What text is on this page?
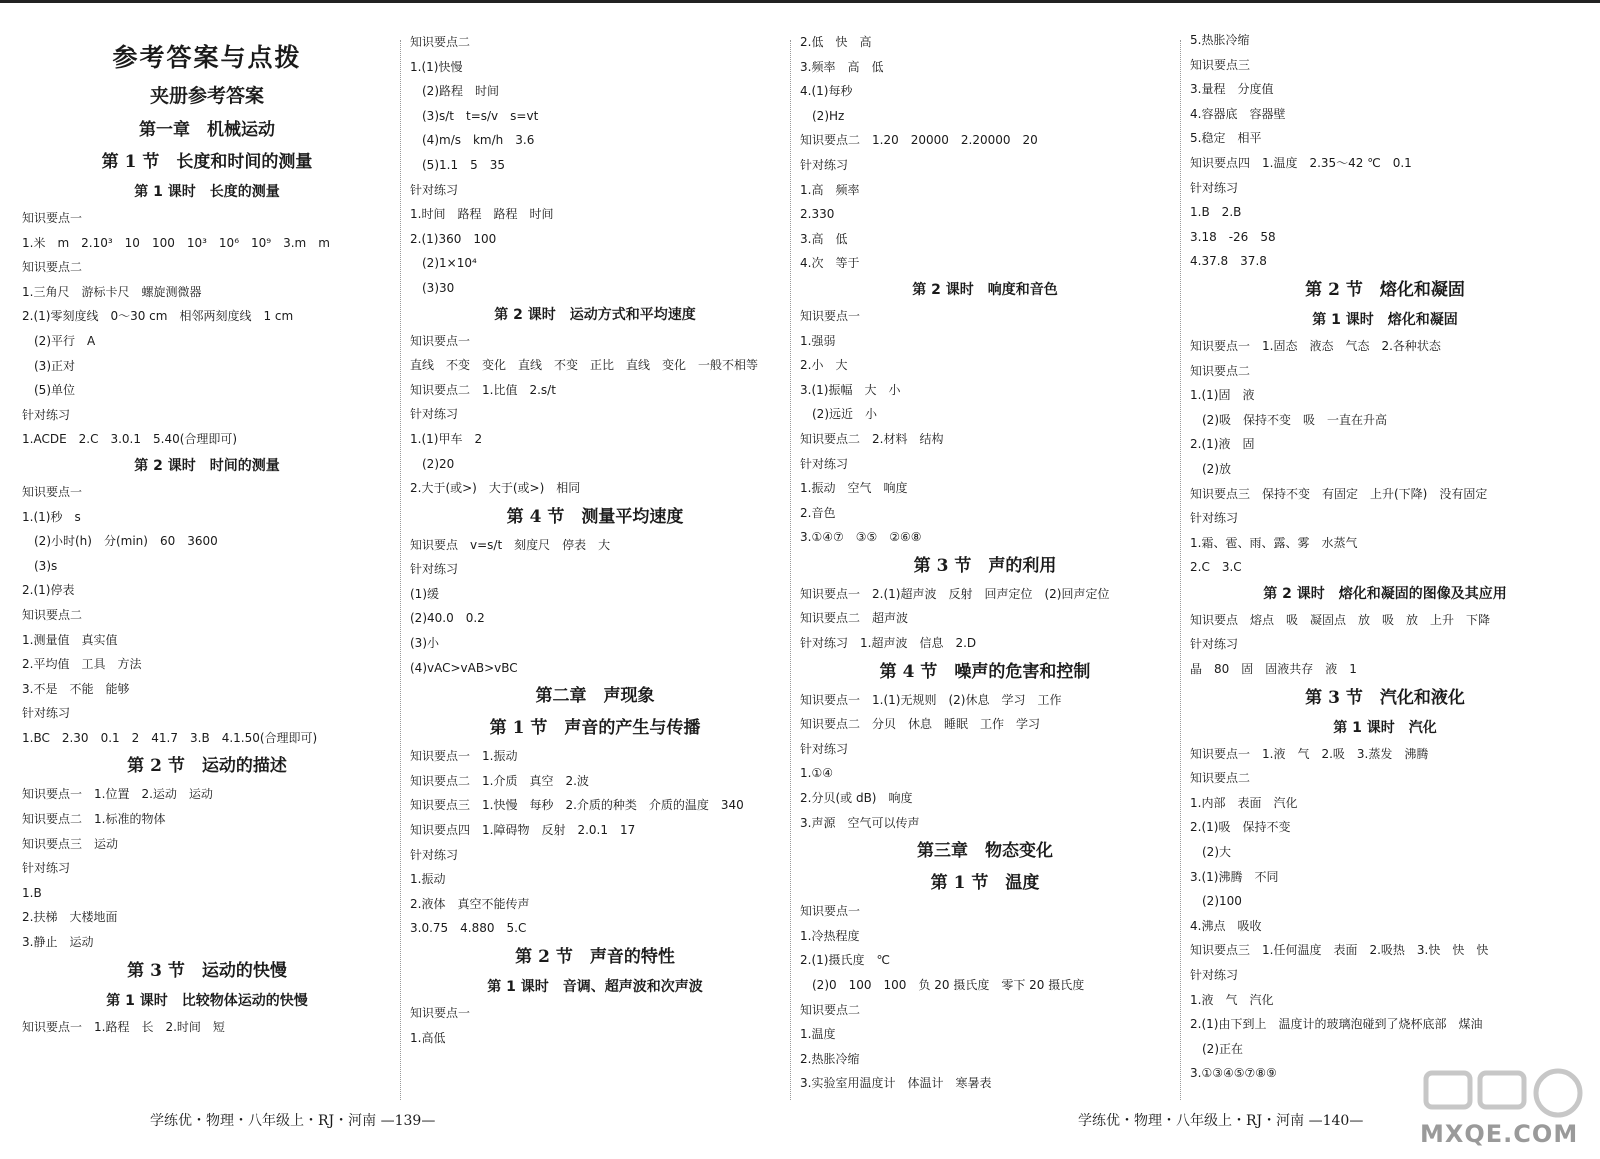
参考答案与点拨
夹册参考答案
第一章　机械运动
第 1 节　长度和时间的测量
第 1 课时　长度的测量
知识要点一
1.米　m　2.10³　10　100　10³　10⁶　10⁹　3.m　m
知识要点二
1.三角尺　游标卡尺　螺旋测微器
2.(1)零刻度线　0～30 cm　相邻两刻度线　1 cm
　(2)平行　A
　(3)正对
　(5)单位
针对练习
1.ACDE　2.C　3.0.1　5.40(合理即可)
第 2 课时　时间的测量
知识要点一
1.(1)秒　s
　(2)小时(h)　分(min)　60　3600
　(3)s
2.(1)停表
知识要点二
1.测量值　真实值
2.平均值　工具　方法
3.不是　不能　能够
针对练习
1.BC　2.30　0.1　2　41.7　3.B　4.1.50(合理即可)
第 2 节　运动的描述
知识要点一　1.位置　2.运动　运动
知识要点二　1.标准的物体
知识要点三　运动
针对练习
1.B
2.扶梯　大楼地面
3.静止　运动
第 3 节　运动的快慢
第 1 课时　比较物体运动的快慢
知识要点一　1.路程　长　2.时间　短
知识要点二
1.(1)快慢
　(2)路程　时间
　(3)s/t　t=s/v　s=vt
　(4)m/s　km/h　3.6
　(5)1.1　5　35
针对练习
1.时间　路程　路程　时间
2.(1)360　100
　(2)1×10⁴
　(3)30
第 2 课时　运动方式和平均速度
知识要点一
直线　不变　变化　直线　不变　正比　直线　变化　一般不相等
知识要点二　1.比值　2.s/t
针对练习
1.(1)甲车　2
　(2)20
2.大于(或>)　大于(或>)　相同
第 4 节　测量平均速度
知识要点　v=s/t　刻度尺　停表　大
针对练习
(1)缓
(2)40.0　0.2
(3)小
(4)vAC>vAB>vBC
第二章　声现象
第 1 节　声音的产生与传播
知识要点一　1.振动
知识要点二　1.介质　真空　2.波
知识要点三　1.快慢　每秒　2.介质的种类　介质的温度　340
知识要点四　1.障碍物　反射　2.0.1　17
针对练习
1.振动
2.液体　真空不能传声
3.0.75　4.880　5.C
第 2 节　声音的特性
第 1 课时　音调、超声波和次声波
知识要点一
1.高低
2.低　快　高
3.频率　高　低
4.(1)每秒
　(2)Hz
知识要点二　1.20　20000　2.20000　20
针对练习
1.高　频率
2.330
3.高　低
4.次　等于
第 2 课时　响度和音色
知识要点一
1.强弱
2.小　大
3.(1)振幅　大　小
　(2)远近　小
知识要点二　2.材料　结构
针对练习
1.振动　空气　响度
2.音色
3.①④⑦　③⑤　②⑥⑧
第 3 节　声的利用
知识要点一　2.(1)超声波　反射　回声定位　(2)回声定位
知识要点二　超声波
针对练习　1.超声波　信息　2.D
第 4 节　噪声的危害和控制
知识要点一　1.(1)无规则　(2)休息　学习　工作
知识要点二　分贝　休息　睡眠　工作　学习
针对练习
1.①④
2.分贝(或 dB)　响度
3.声源　空气可以传声
第三章　物态变化
第 1 节　温度
知识要点一
1.冷热程度
2.(1)摄氏度　℃
　(2)0　100　100　负 20 摄氏度　零下 20 摄氏度
知识要点二
1.温度
2.热胀冷缩
3.实验室用温度计　体温计　寒暑表
5.热胀冷缩
知识要点三
3.量程　分度值
4.容器底　容器壁
5.稳定　相平
知识要点四　1.温度　2.35～42 ℃　0.1
针对练习
1.B　2.B
3.18　-26　58
4.37.8　37.8
第 2 节　熔化和凝固
第 1 课时　熔化和凝固
知识要点一　1.固态　液态　气态　2.各种状态
知识要点二
1.(1)固　液
　(2)吸　保持不变　吸　一直在升高
2.(1)液　固
　(2)放
知识要点三　保持不变　有固定　上升(下降)　没有固定
针对练习
1.霜、雹、雨、露、雾　水蒸气
2.C　3.C
第 2 课时　熔化和凝固的图像及其应用
知识要点　熔点　吸　凝固点　放　吸　放　上升　下降
针对练习
晶　80　固　固液共存　液　1
第 3 节　汽化和液化
第 1 课时　汽化
知识要点一　1.液　气　2.吸　3.蒸发　沸腾
知识要点二
1.内部　表面　汽化
2.(1)吸　保持不变
　(2)大
3.(1)沸腾　不同
　(2)100
4.沸点　吸收
知识要点三　1.任何温度　表面　2.吸热　3.快　快　快
针对练习
1.液　气　汽化
2.(1)由下到上　温度计的玻璃泡碰到了烧杯底部　煤油
　(2)正在
3.①③④⑤⑦⑧⑨
学练优・物理・八年级上・RJ・河南 —139—	学练优・物理・八年级上・RJ・河南 —140— MXQE.COM
